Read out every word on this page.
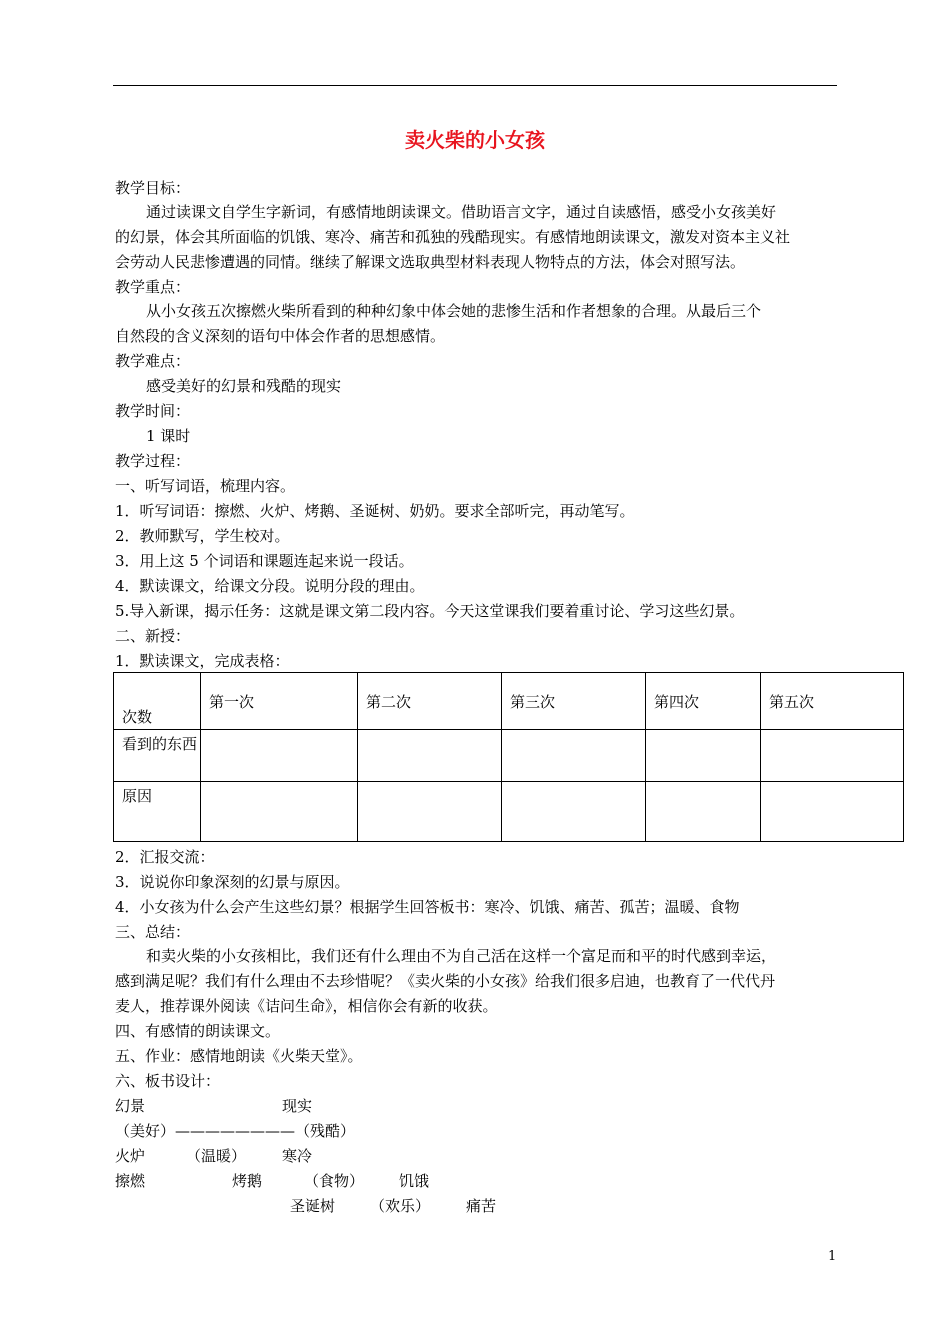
卖火柴的小女孩
教学目标：

通过读课文自学生字新词，有感情地朗读课文。借助语言文字，通过自读感悟，感受小女孩美好

的幻景，体会其所面临的饥饿、寒冷、痛苦和孤独的残酷现实。有感情地朗读课文，激发对资本主义社

会劳动人民悲惨遭遇的同情。继续了解课文选取典型材料表现人物特点的方法，体会对照写法。

教学重点：

从小女孩五次擦燃火柴所看到的种种幻象中体会她的悲惨生活和作者想象的合理。从最后三个

自然段的含义深刻的语句中体会作者的思想感情。

教学难点：
感受美好的幻景和残酷的现实
教学时间：
1 课时
教学过程：
一、听写词语，梳理内容。
1．听写词语：擦燃、火炉、烤鹅、圣诞树、奶奶。要求全部听完，再动笔写。
2．教师默写，学生校对。
3．用上这 5 个词语和课题连起来说一段话。
4．默读课文，给课文分段。说明分段的理由。
5.导入新课，揭示任务：这就是课文第二段内容。今天这堂课我们要着重讨论、学习这些幻景。
二、新授：
1．默读课文，完成表格：
次数	第一次	第二次	第三次	第四次	第五次
看到的东西					
原因					
2．汇报交流：
3．说说你印象深刻的幻景与原因。
4．小女孩为什么会产生这些幻景？根据学生回答板书：寒冷、饥饿、痛苦、孤苦；温暖、食物
三、总结：

和卖火柴的小女孩相比，我们还有什么理由不为自己活在这样一个富足而和平的时代感到幸运，

感到满足呢？我们有什么理由不去珍惜呢？《卖火柴的小女孩》给我们很多启迪，也教育了一代代丹

麦人，推荐课外阅读《诘问生命》，相信你会有新的收获。

四、有感情的朗读课文。
五、作业：感情地朗读《火柴天堂》。
六、板书设计：
幻景	现实
（美好）————————（残酷）
火炉	（温暖） 寒冷
擦燃	烤鹅	（食物） 饥饿
圣诞树 （欢乐） 痛苦
1
